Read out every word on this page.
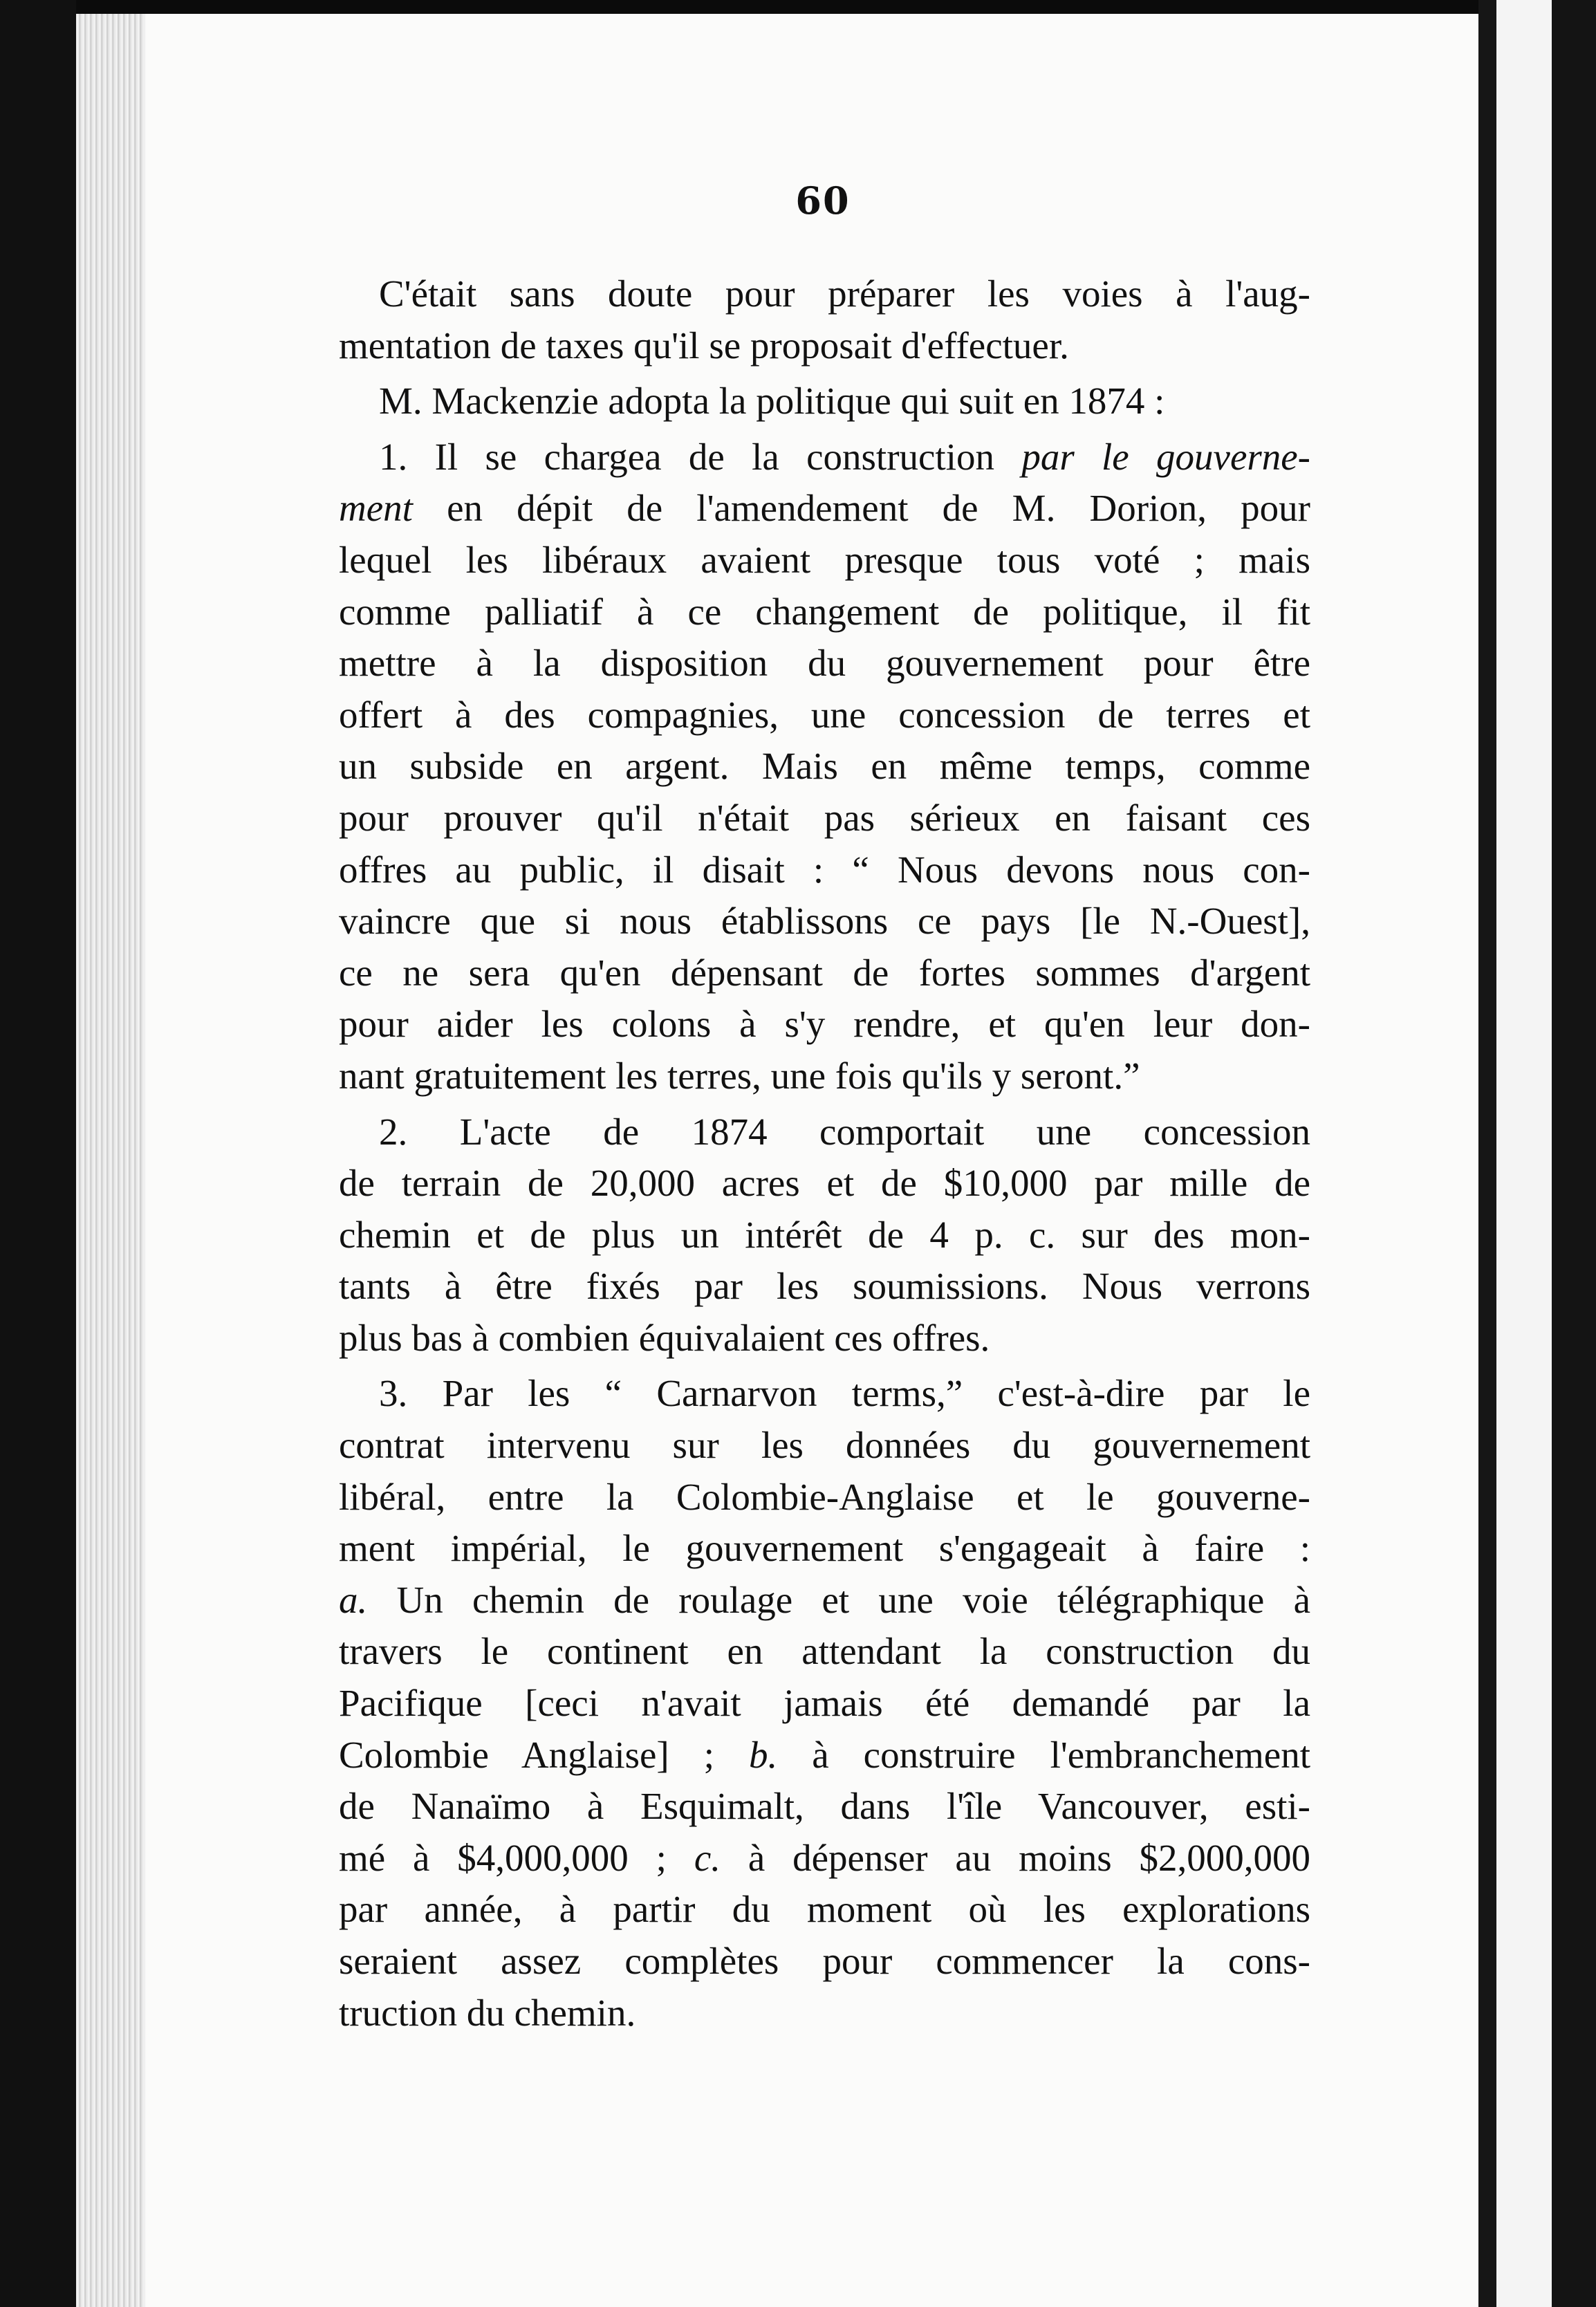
60
C'était sans doute pour préparer les voies à l'aug-
mentation de taxes qu'il se proposait d'effectuer.
M. Mackenzie adopta la politique qui suit en 1874 :
1. Il se chargea de la construction par le gouverne-
ment en dépit de l'amendement de M. Dorion, pour
lequel les libéraux avaient presque tous voté ; mais
comme palliatif à ce changement de politique, il fit
mettre à la disposition du gouvernement pour être
offert à des compagnies, une concession de terres et
un subside en argent. Mais en même temps, comme
pour prouver qu'il n'était pas sérieux en faisant ces
offres au public, il disait : “ Nous devons nous con-
vaincre que si nous établissons ce pays [le N.-Ouest],
ce ne sera qu'en dépensant de fortes sommes d'argent
pour aider les colons à s'y rendre, et qu'en leur don-
nant gratuitement les terres, une fois qu'ils y seront.”
2. L'acte de 1874 comportait une concession
de terrain de 20,000 acres et de $10,000 par mille de
chemin et de plus un intérêt de 4 p. c. sur des mon-
tants à être fixés par les soumissions. Nous verrons
plus bas à combien équivalaient ces offres.
3. Par les “ Carnarvon terms,” c'est-à-dire par le
contrat intervenu sur les données du gouvernement
libéral, entre la Colombie-Anglaise et le gouverne-
ment impérial, le gouvernement s'engageait à faire :
a. Un chemin de roulage et une voie télégraphique à
travers le continent en attendant la construction du
Pacifique [ceci n'avait jamais été demandé par la
Colombie Anglaise] ; b. à construire l'embranchement
de Nanaïmo à Esquimalt, dans l'île Vancouver, esti-
mé à $4,000,000 ; c. à dépenser au moins $2,000,000
par année, à partir du moment où les explorations
seraient assez complètes pour commencer la cons-
truction du chemin.
